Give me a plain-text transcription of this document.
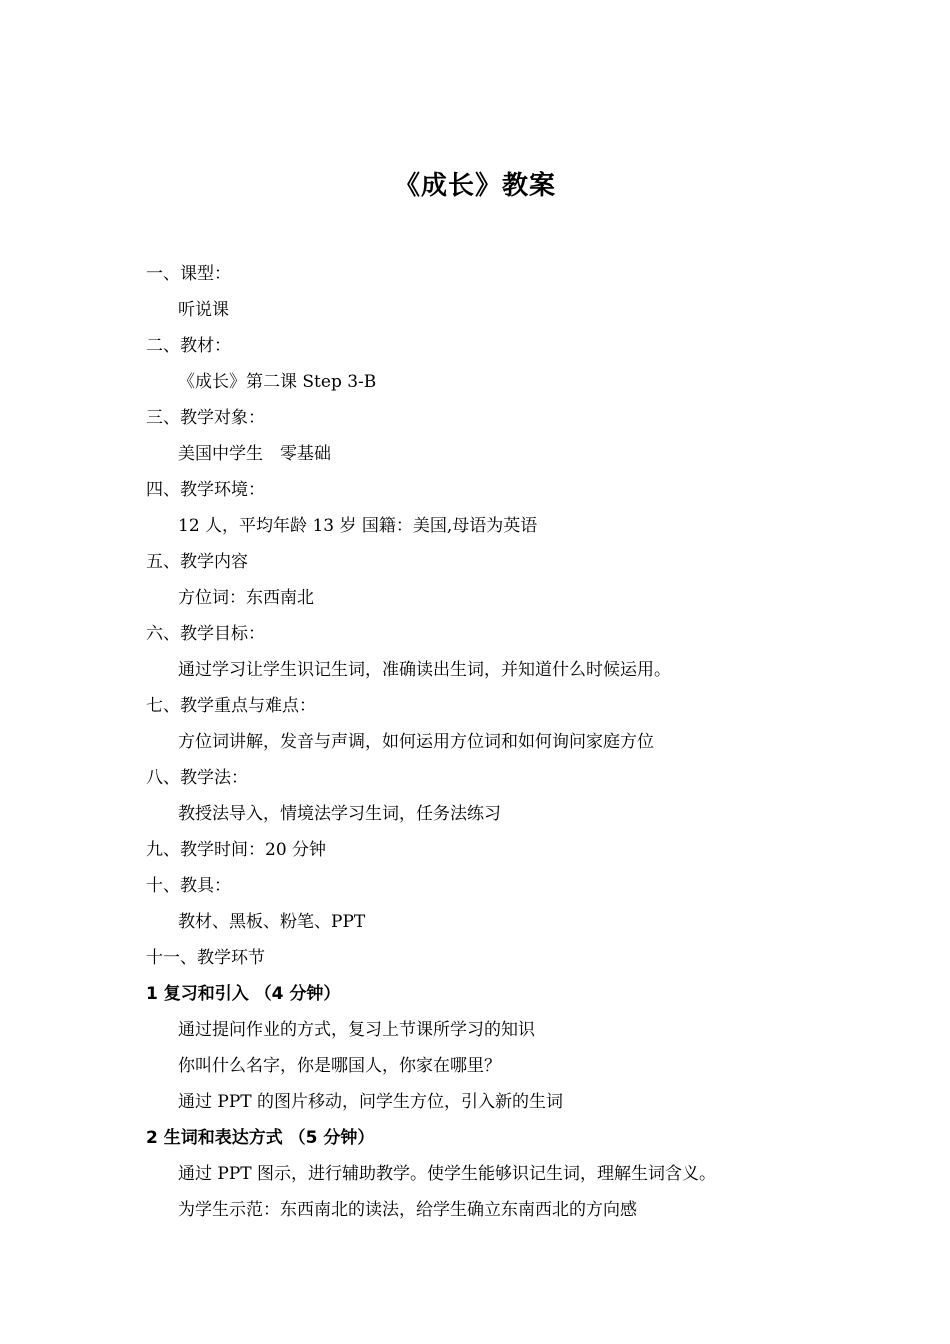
《成长》教案
一、课型：
听说课
二、教材：
《成长》第二课 Step 3-B
三、教学对象：
美国中学生　零基础
四、教学环境：
12 人，平均年龄 13 岁 国籍：美国,母语为英语
五、教学内容
方位词：东西南北
六、教学目标：
通过学习让学生识记生词，准确读出生词，并知道什么时候运用。
七、教学重点与难点：
方位词讲解，发音与声调，如何运用方位词和如何询问家庭方位
八、教学法：
教授法导入，情境法学习生词，任务法练习
九、教学时间：20 分钟
十、教具：
教材、黑板、粉笔、PPT
十一、教学环节
1 复习和引入 （4 分钟）
通过提问作业的方式，复习上节课所学习的知识
你叫什么名字，你是哪国人，你家在哪里？
通过 PPT 的图片移动，问学生方位，引入新的生词
2 生词和表达方式 （5 分钟）
通过 PPT 图示，进行辅助教学。使学生能够识记生词，理解生词含义。
为学生示范：东西南北的读法，给学生确立东南西北的方向感
